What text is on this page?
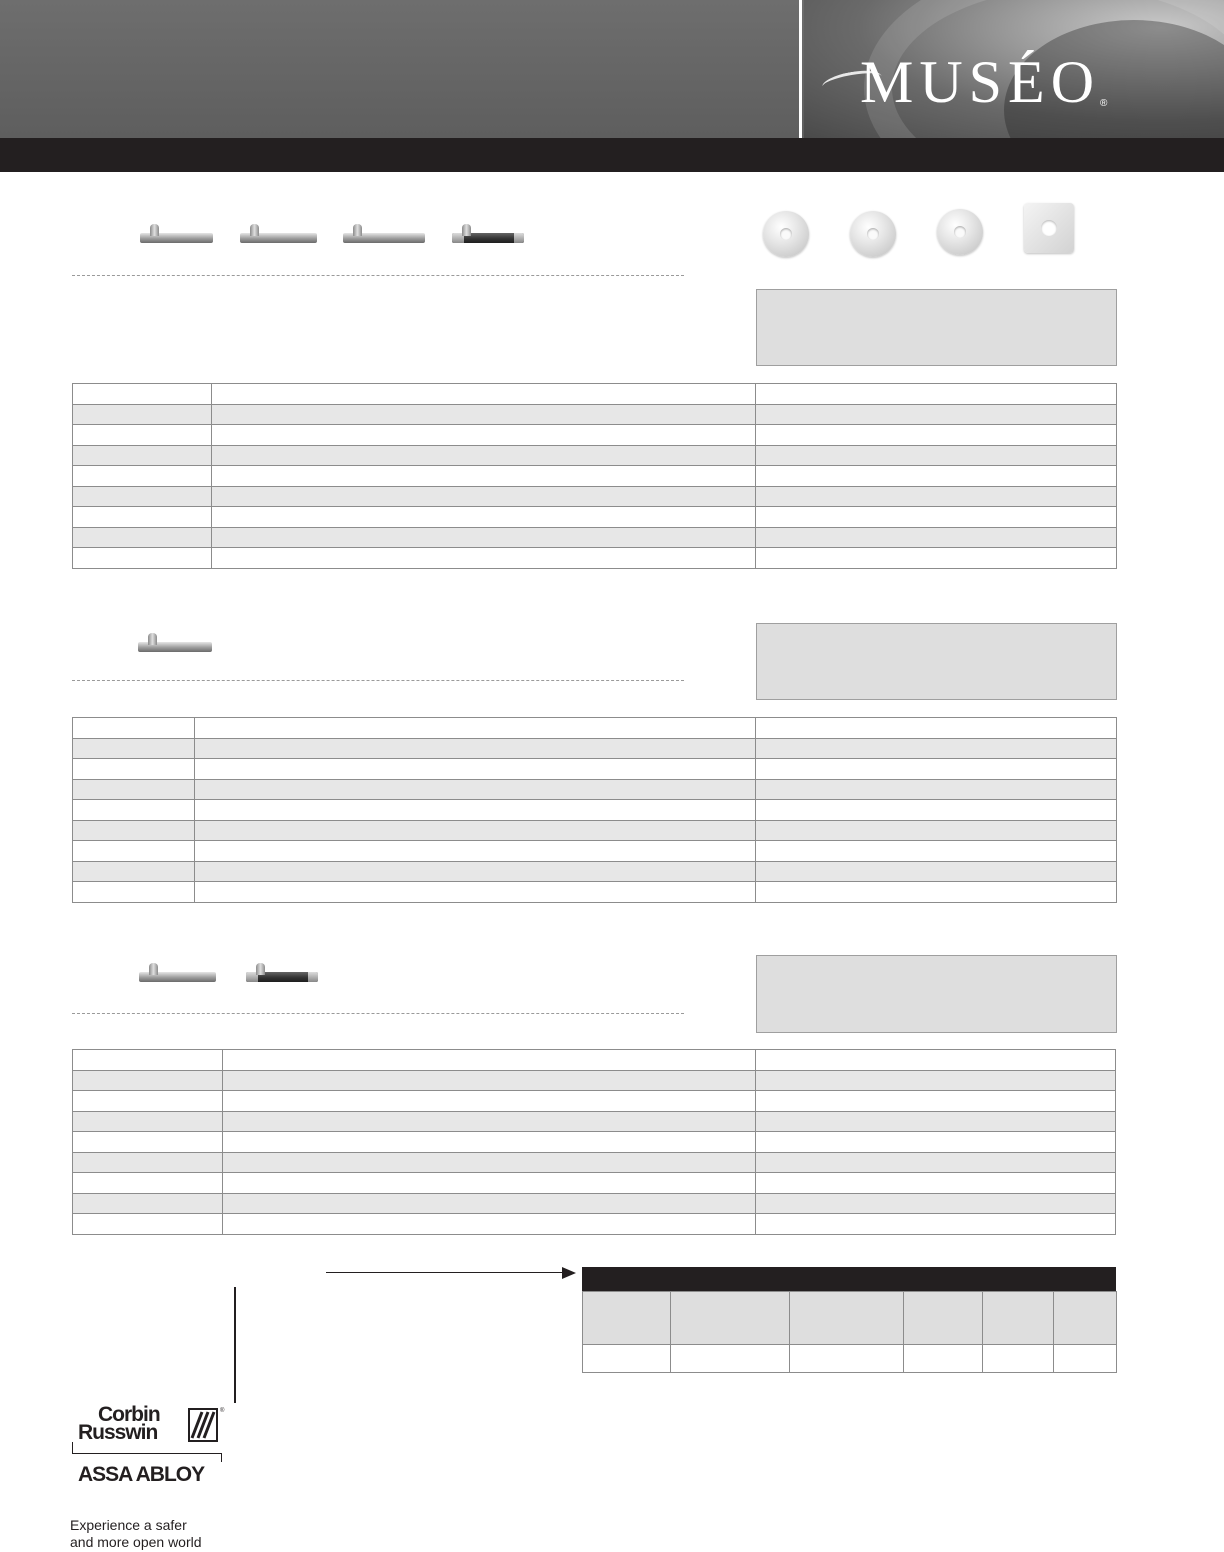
MUSÉO ®

Corbin
Russwin
®
ASSA ABLOY
Experience a safer
and more open world
